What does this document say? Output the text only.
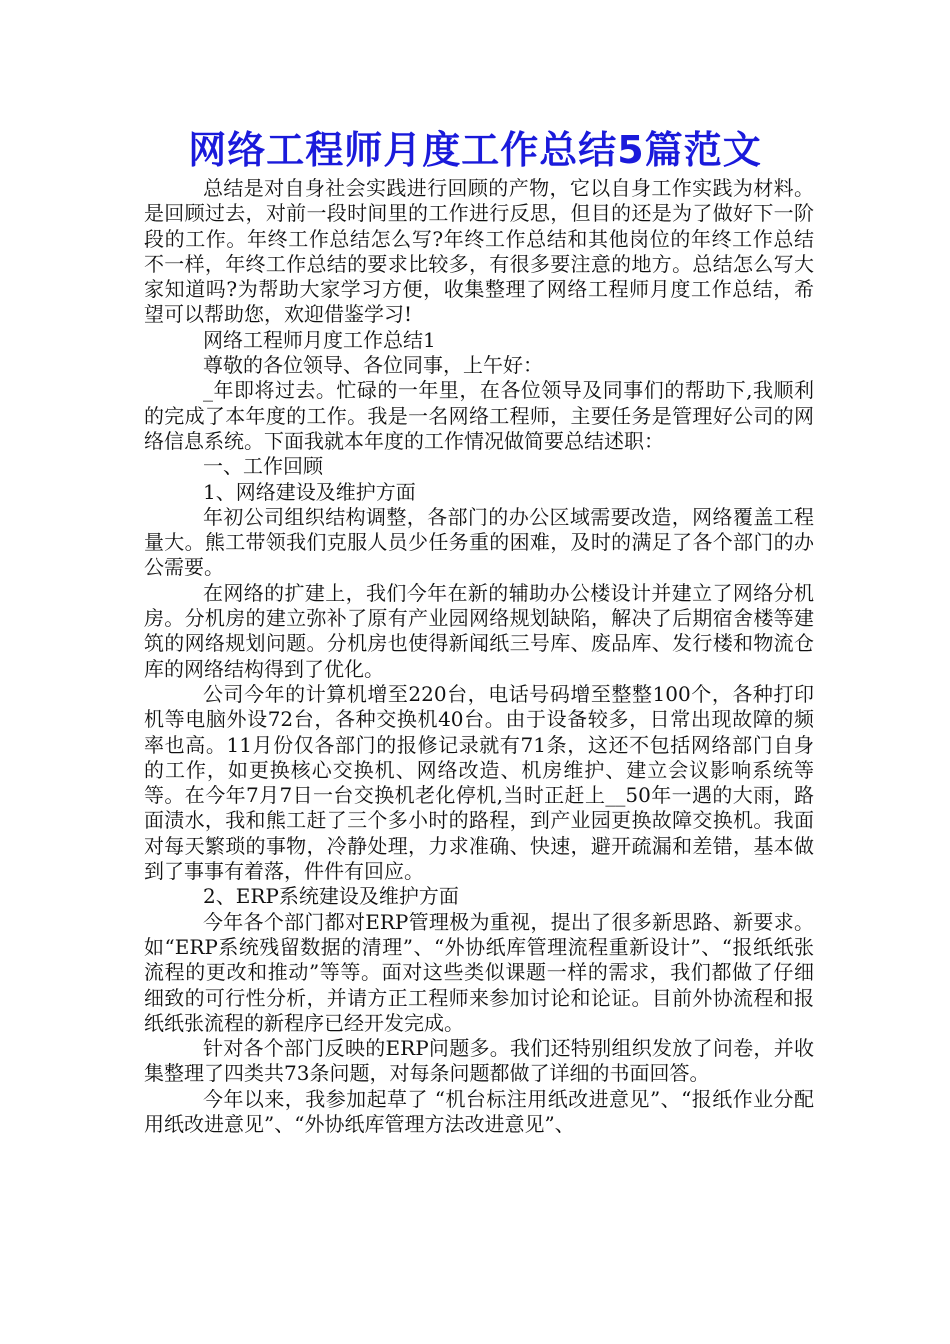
网络工程师月度工作总结5篇范文

总结是对自身社会实践进行回顾的产物，它以自身工作实践为材料。是回顾过去，对前一段时间里的工作进行反思，但目的还是为了做好下一阶段的工作。年终工作总结怎么写?年终工作总结和其他岗位的年终工作总结不一样，年终工作总结的要求比较多，有很多要注意的地方。总结怎么写大家知道吗?为帮助大家学习方便，收集整理了网络工程师月度工作总结，希望可以帮助您，欢迎借鉴学习!

网络工程师月度工作总结1

尊敬的各位领导、各位同事，上午好：

_年即将过去。忙碌的一年里，在各位领导及同事们的帮助下,我顺利的完成了本年度的工作。我是一名网络工程师，主要任务是管理好公司的网络信息系统。下面我就本年度的工作情况做简要总结述职：

一、工作回顾

1、网络建设及维护方面

年初公司组织结构调整，各部门的办公区域需要改造，网络覆盖工程量大。熊工带领我们克服人员少任务重的困难，及时的满足了各个部门的办公需要。

在网络的扩建上，我们今年在新的辅助办公楼设计并建立了网络分机房。分机房的建立弥补了原有产业园网络规划缺陷，解决了后期宿舍楼等建筑的网络规划问题。分机房也使得新闻纸三号库、废品库、发行楼和物流仓库的网络结构得到了优化。

公司今年的计算机增至220台，电话号码增至整整100个，各种打印机等电脑外设72台，各种交换机40台。由于设备较多，日常出现故障的频率也高。11月份仅各部门的报修记录就有71条，这还不包括网络部门自身的工作，如更换核心交换机、网络改造、机房维护、建立会议影响系统等等。在今年7月7日一台交换机老化停机,当时正赶上__50年一遇的大雨，路面渍水，我和熊工赶了三个多小时的路程，到产业园更换故障交换机。我面对每天繁琐的事物，冷静处理，力求准确、快速，避开疏漏和差错，基本做到了事事有着落，件件有回应。

2、ERP系统建设及维护方面

今年各个部门都对ERP管理极为重视，提出了很多新思路、新要求。如“ERP系统残留数据的清理”、“外协纸库管理流程重新设计”、“报纸纸张流程的更改和推动”等等。面对这些类似课题一样的需求，我们都做了仔细细致的可行性分析，并请方正工程师来参加讨论和论证。目前外协流程和报纸纸张流程的新程序已经开发完成。

针对各个部门反映的ERP问题多。我们还特别组织发放了问卷，并收集整理了四类共73条问题，对每条问题都做了详细的书面回答。

今年以来，我参加起草了 “机台标注用纸改进意见”、“报纸作业分配用纸改进意见”、“外协纸库管理方法改进意见”、
